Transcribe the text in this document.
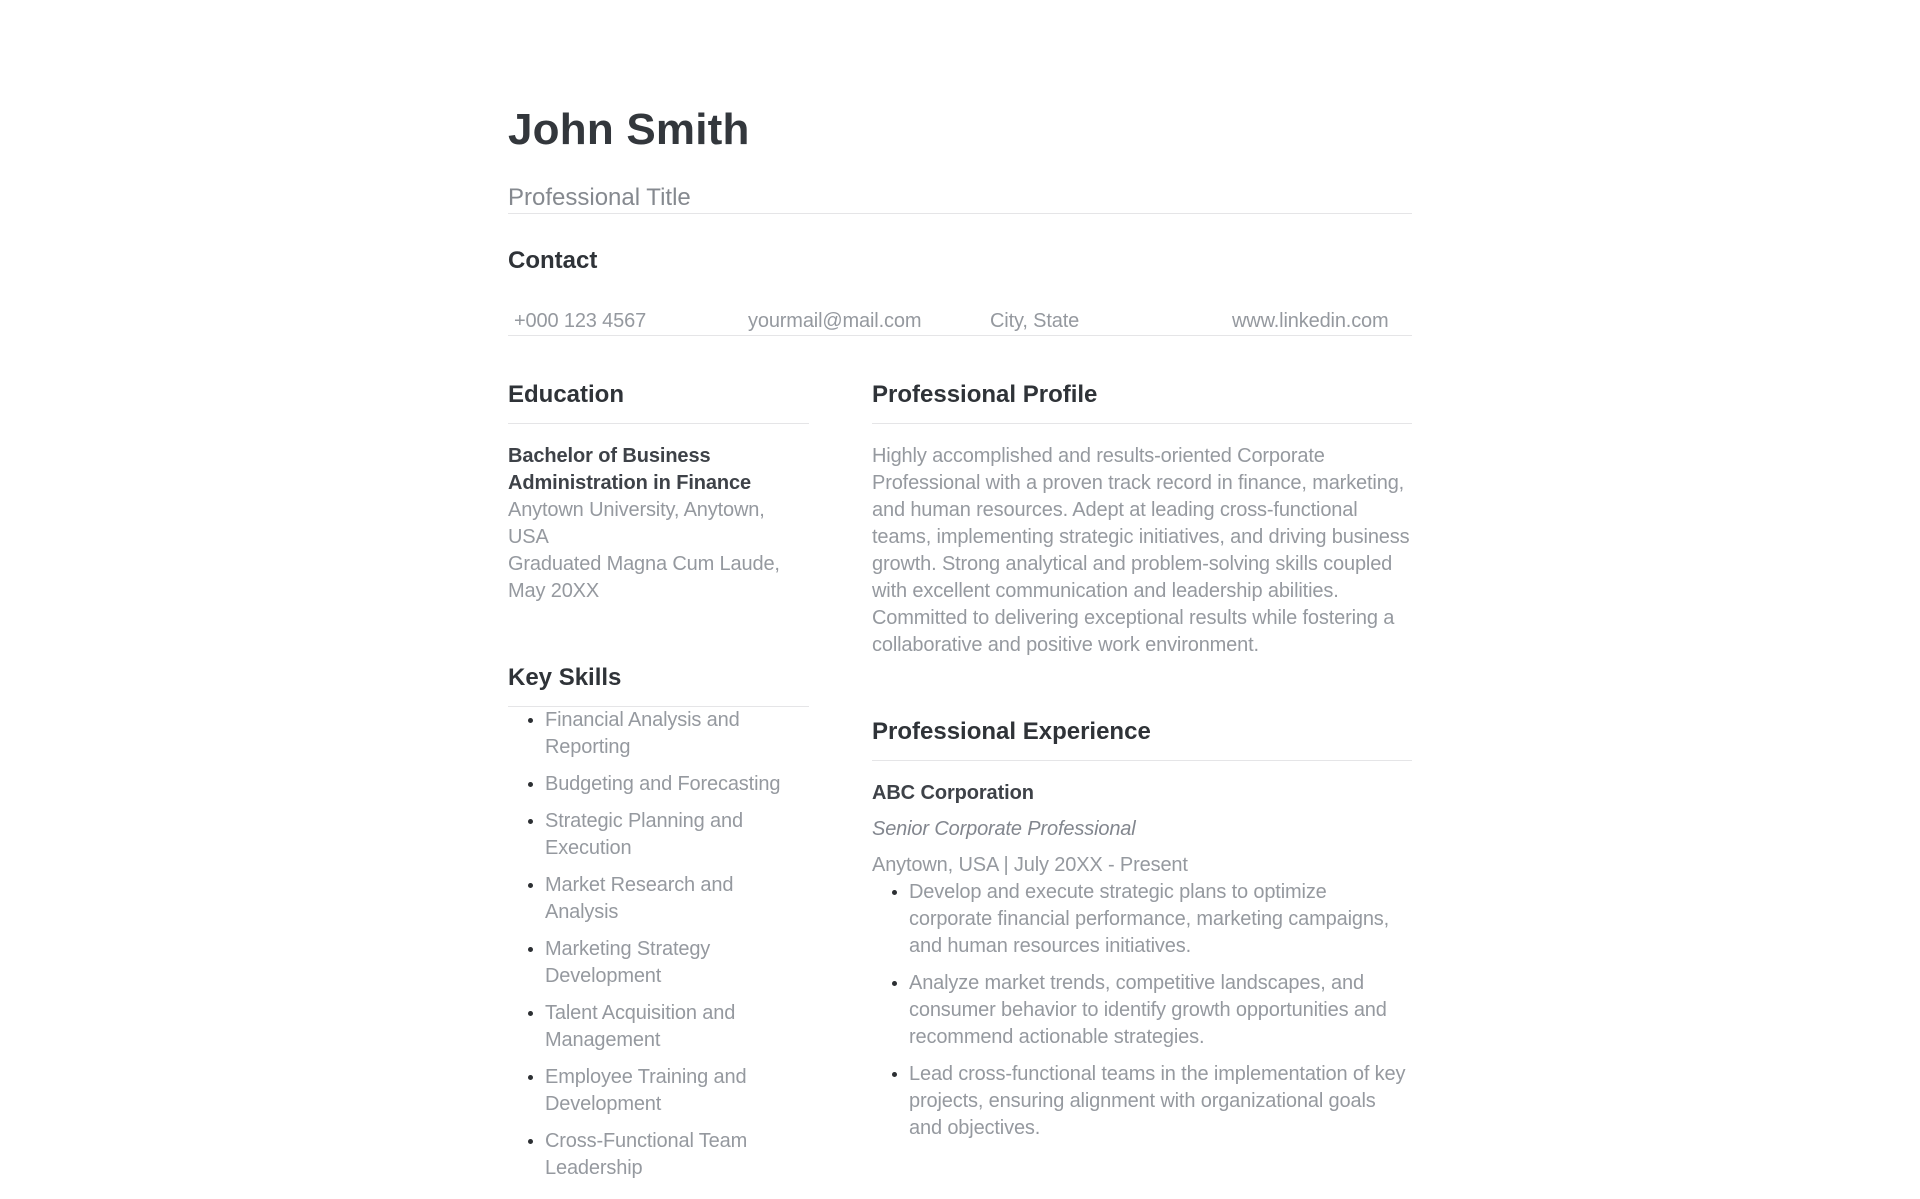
John Smith
Professional Title
Contact
+000 123 4567	yourmail@mail.com	City, State	www.linkedin.com
Education

Bachelor of Business Administration in Finance

Anytown University, Anytown, USA

Graduated Magna Cum Laude, May 20XX

Key Skills
• Financial Analysis and Reporting
• Budgeting and Forecasting
• Strategic Planning and Execution
• Market Research and Analysis
• Marketing Strategy Development
• Talent Acquisition and Management
• Employee Training and Development
• Cross-Functional Team Leadership
Professional Profile

Highly accomplished and results-oriented Corporate Professional with a proven track record in finance, marketing, and human resources. Adept at leading cross-functional teams, implementing strategic initiatives, and driving business growth. Strong analytical and problem-solving skills coupled with excellent communication and leadership abilities. Committed to delivering exceptional results while fostering a collaborative and positive work environment.

Professional Experience

ABC Corporation

Senior Corporate Professional

Anytown, USA | July 20XX - Present

• Develop and execute strategic plans to optimize corporate financial performance, marketing campaigns, and human resources initiatives.
• Analyze market trends, competitive landscapes, and consumer behavior to identify growth opportunities and recommend actionable strategies.
• Lead cross-functional teams in the implementation of key projects, ensuring alignment with organizational goals and objectives.
